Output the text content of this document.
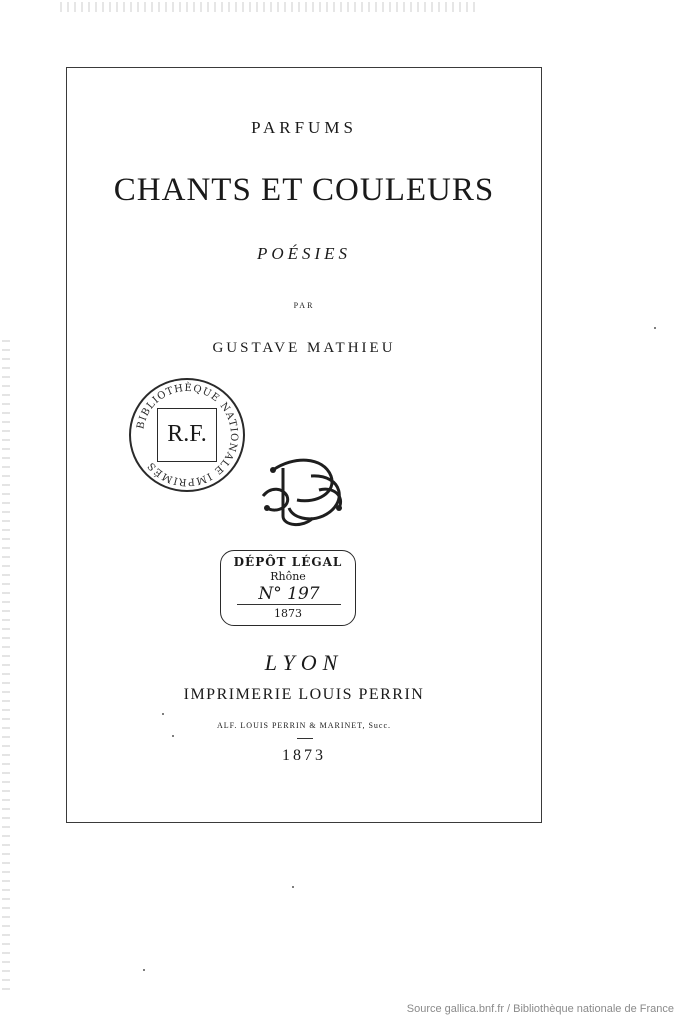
PARFUMS
CHANTS ET COULEURS
POÉSIES
PAR
GUSTAVE MATHIEU
BIBLIOTHÈQUE NATIONALE IMPRIMÉS
R.F.
DÉPÔT LÉGAL
Rhône
N° 197
1873
LYON
IMPRIMERIE LOUIS PERRIN
ALF. LOUIS PERRIN & MARINET, Succ.
1873
Source gallica.bnf.fr / Bibliothèque nationale de France
